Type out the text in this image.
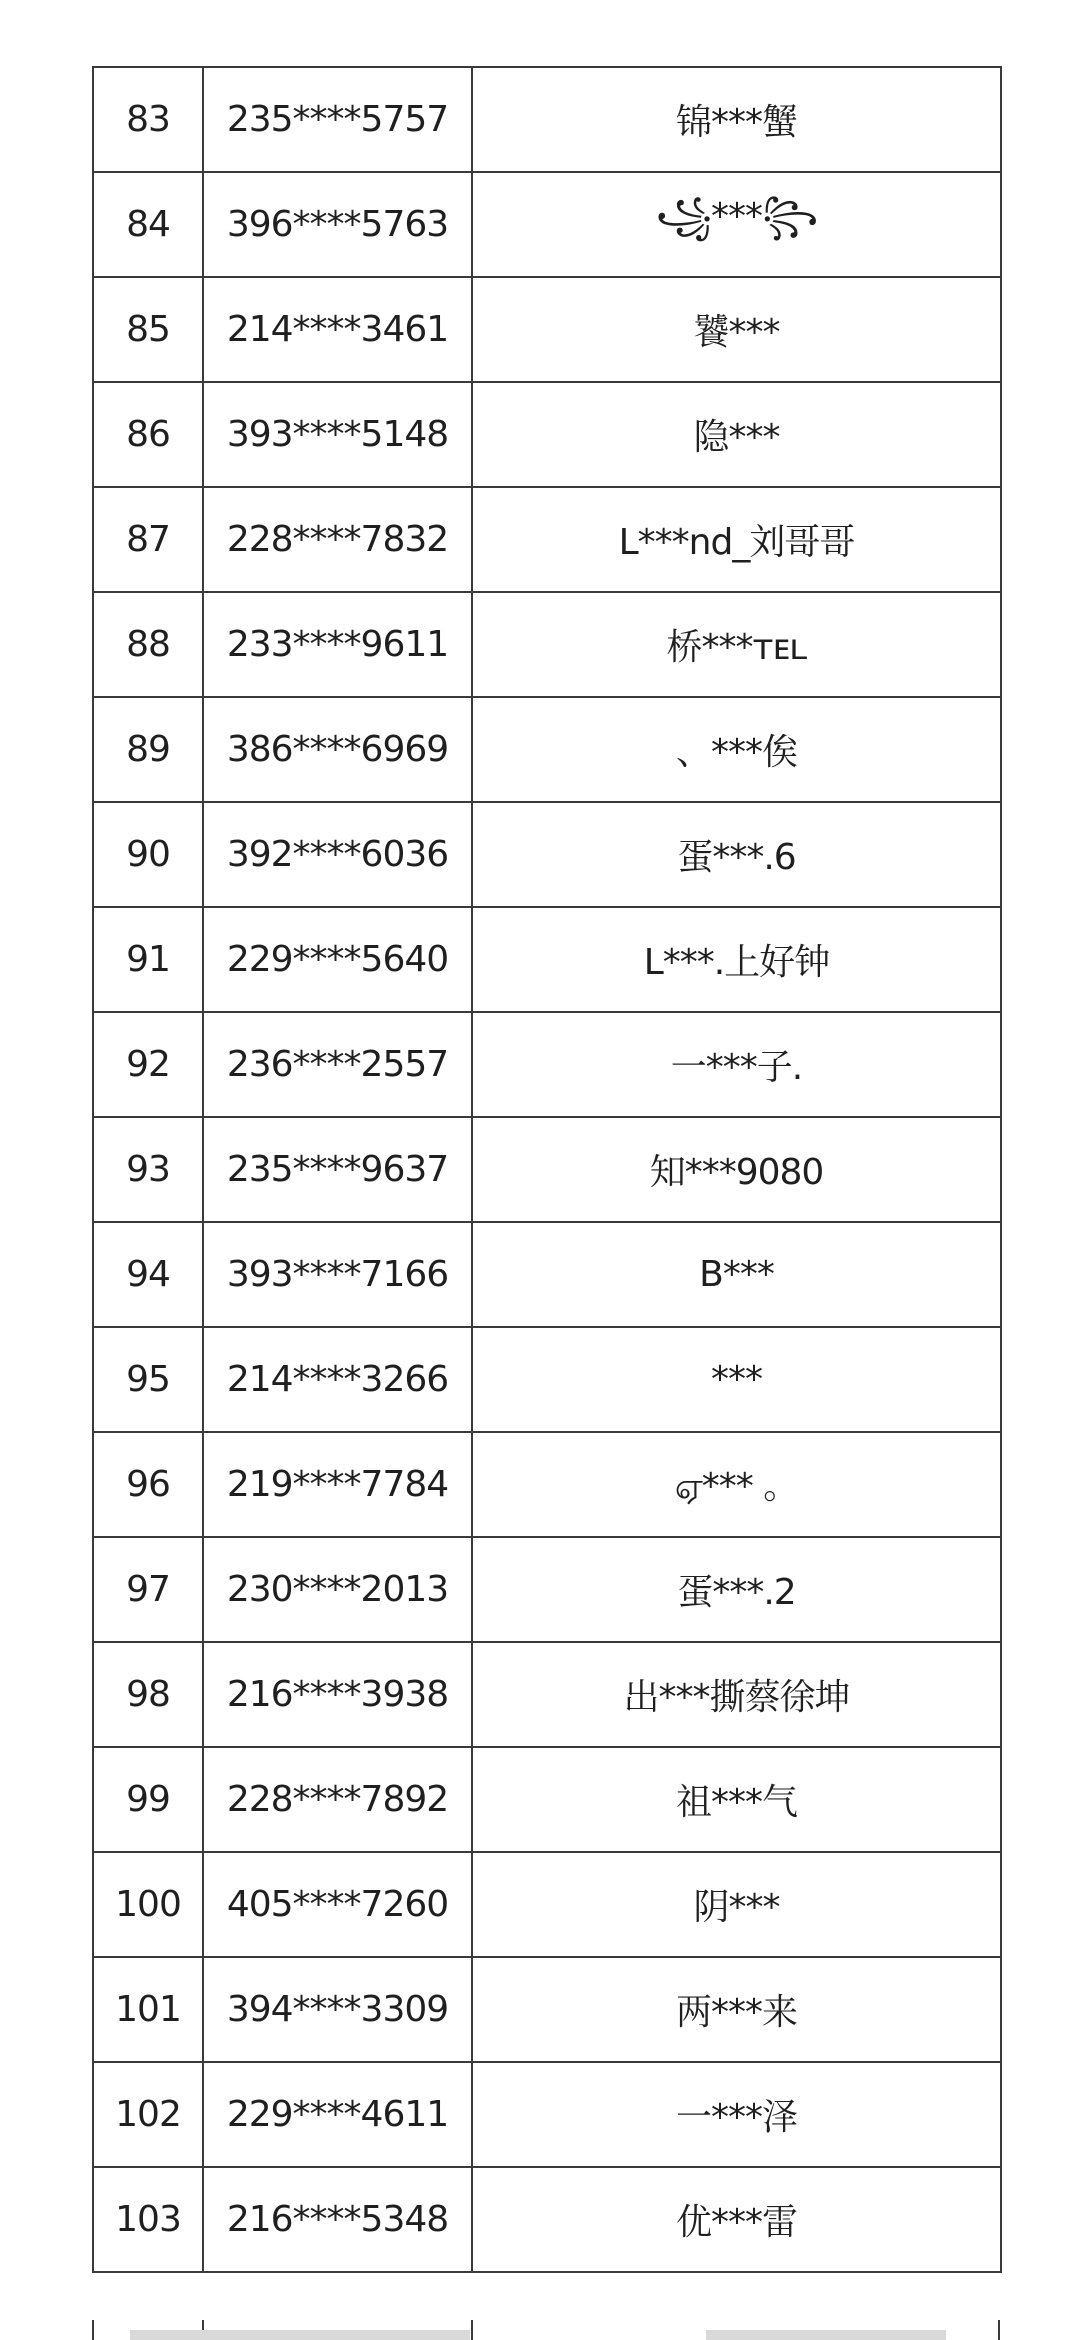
83	235****5757	锦***蟹
84	396****5763	꧁***꧂
85	214****3461	饕***
86	393****5148	隐***
87	228****7832	L***nd_刘哥哥
88	233****9611	桥***ᴛᴇʟ
89	386****6969	、***俟
90	392****6036	蛋***.6
91	229****5640	L***.上好钟
92	236****2557	一***子.
93	235****9637	知***9080
94	393****7166	B***
95	214****3266	***
96	219****7784	ஏ*** 。
97	230****2013	蛋***.2
98	216****3938	出***撕蔡徐坤
99	228****7892	祖***气
100	405****7260	阴***
101	394****3309	两***来
102	229****4611	一***泽
103	216****5348	优***雷
